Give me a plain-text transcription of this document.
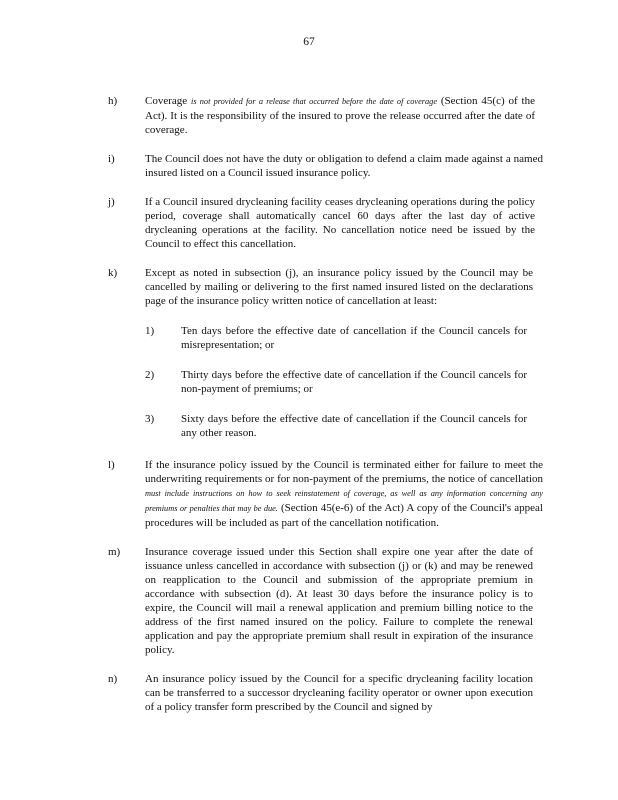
67
h)	Coverage is not provided for a release that occurred before the date of coverage (Section 45(c) of the Act). It is the responsibility of the insured to prove the release occurred after the date of coverage.
i)	The Council does not have the duty or obligation to defend a claim made against a named insured listed on a Council issued insurance policy.
j)	If a Council insured drycleaning facility ceases drycleaning operations during the policy period, coverage shall automatically cancel 60 days after the last day of active drycleaning operations at the facility. No cancellation notice need be issued by the Council to effect this cancellation.
k)	Except as noted in subsection (j), an insurance policy issued by the Council may be cancelled by mailing or delivering to the first named insured listed on the declarations page of the insurance policy written notice of cancellation at least:
1) Ten days before the effective date of cancellation if the Council cancels for misrepresentation; or
2) Thirty days before the effective date of cancellation if the Council cancels for non-payment of premiums; or
3) Sixty days before the effective date of cancellation if the Council cancels for any other reason.
l)	If the insurance policy issued by the Council is terminated either for failure to meet the underwriting requirements or for non-payment of the premiums, the notice of cancellation must include instructions on how to seek reinstatement of coverage, as well as any information concerning any premiums or penalties that may be due. (Section 45(e-6) of the Act) A copy of the Council's appeal procedures will be included as part of the cancellation notification.
m) Insurance coverage issued under this Section shall expire one year after the date of issuance unless cancelled in accordance with subsection (j) or (k) and may be renewed on reapplication to the Council and submission of the appropriate premium in accordance with subsection (d). At least 30 days before the insurance policy is to expire, the Council will mail a renewal application and premium billing notice to the address of the first named insured on the policy. Failure to complete the renewal application and pay the appropriate premium shall result in expiration of the insurance policy.
n)	An insurance policy issued by the Council for a specific drycleaning facility location can be transferred to a successor drycleaning facility operator or owner upon execution of a policy transfer form prescribed by the Council and signed by
